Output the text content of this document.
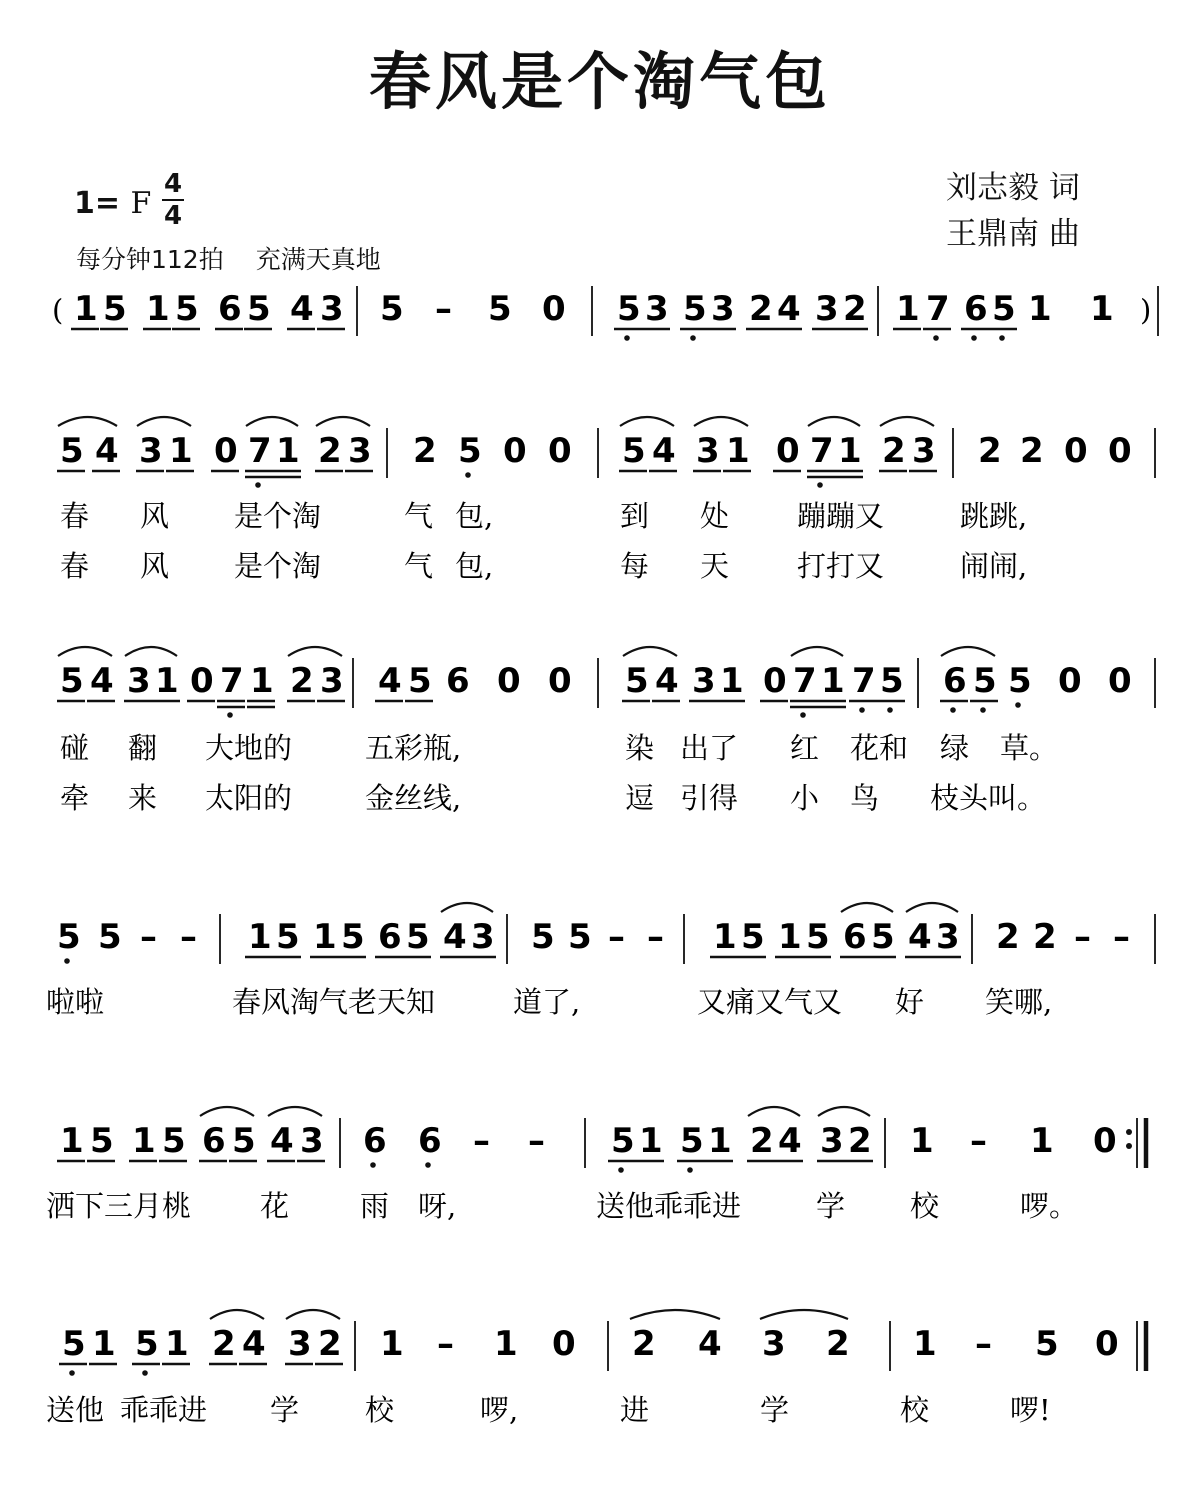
春风是个淘气包
1= F
4
4
每分钟112拍 充满天真地
刘志毅 词
王鼎南 曲
( 1 5 1 5 6 5 4 3 5 – 5 0 5 3 5 3 2 4 3 2 1 7 6 5 1 1 )
5 4 3 1 0 7 1 2 3 2 5 0 0 5 4 3 1 0 7 1 2 3 2 2 0 0
春 风 是个淘	气 包,	到 处 蹦蹦又	跳跳,
春 风 是个淘	气 包,	每 天 打打又	闹闹,
5 4 3 1 0 7 1 2 3 4 5 6 0 0 5 4 3 1 0 7 1 7 5 6 5 5 0 0
碰 翻 大地的	五彩瓶,	染 出了 红 花和 绿 草。
牵 来 太阳的	金丝线,	逗 引得 小 鸟 枝头叫。
5 5 – – 1 5 1 5 6 5 4 3 5 5 – – 1 5 1 5 6 5 4 3 2 2 – –
啦啦	春风淘气老天知	道了,	又痛又气又 好 笑哪,
1 5 1 5 6 5 4 3 6 6 – – 5 1 5 1 2 4 3 2 1 – 1 0
洒下三月桃 花 雨 呀,	送他乖乖进	学 校	啰。
5 1 5 1 2 4 3 2 1 – 1 0 2 4 3 2 1 – 5 0
送他 乖乖进 学 校	啰,	进	学	校	啰!
